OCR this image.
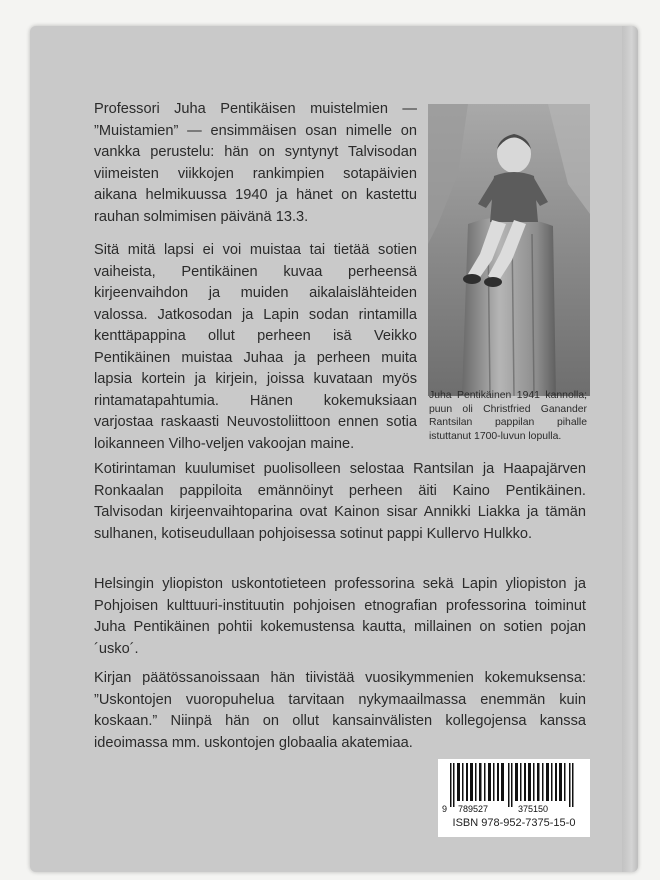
Professori Juha Pentikäisen muistelmien — ”Muistamien” — ensimmäisen osan nimelle on vankka perustelu: hän on syntynyt Talvisodan viimeisten viikkojen rankimpien sotapäivien aikana helmikuussa 1940 ja hänet on kastettu rauhan solmimisen päivänä 13.3.
Sitä mitä lapsi ei voi muistaa tai tietää sotien vaiheista, Pentikäinen kuvaa perheensä kirjeenvaihdon ja muiden aikalaislähteiden valossa. Jatkosodan ja Lapin sodan rintamilla kenttäpappina ollut perheen isä Veikko Pentikäinen muistaa Juhaa ja perheen muita lapsia kortein ja kirjein, joissa kuvataan myös rintamatapahtumia. Hänen kokemuksiaan varjostaa raskaasti Neuvostoliittoon ennen sotia loikanneen Vilho-veljen vakoojan maine.
Juha Pentikäinen 1941 kannolla; puun oli Christfried Ganander Rantsilan pappilan pihalle istuttanut 1700-luvun lopulla.
Kotirintaman kuulumiset puolisolleen selostaa Rantsilan ja Haapajärven Ronkaalan pappiloita emännöinyt perheen äiti Kaino Pentikäinen. Talvisodan kirjeenvaihtoparina ovat Kainon sisar Annikki Liakka ja tämän sulhanen, kotiseudullaan pohjoisessa sotinut pappi Kullervo Hulkko.
Helsingin yliopiston uskontotieteen professorina sekä Lapin yliopiston ja Pohjoisen kulttuuri-instituutin pohjoisen etnografian professorina toiminut Juha Pentikäinen pohtii kokemustensa kautta, millainen on sotien pojan ´usko´.
Kirjan päätössanoissaan hän tiivistää vuosikymmenien kokemuksensa: ”Uskontojen vuoropuhelua tarvitaan nykymaailmassa enemmän kuin koskaan.” Niinpä hän on ollut kansainvälisten kollegojensa kanssa ideoimassa mm. uskontojen globaalia akatemiaa.
9 789527	375150
ISBN 978-952-7375-15-0
